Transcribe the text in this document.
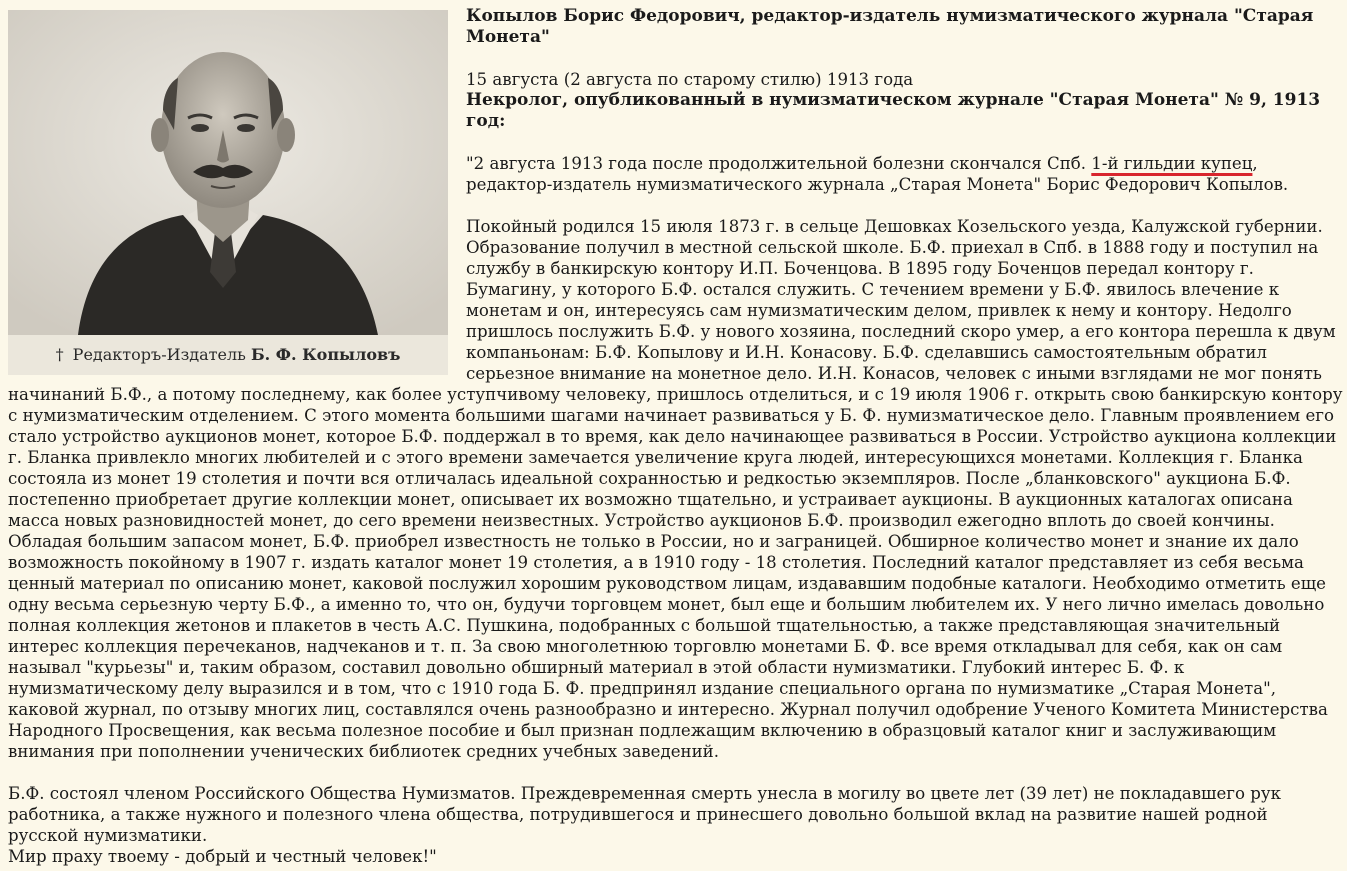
† Редакторъ-Издатель Б. Ф. Копыловъ
Копылов Борис Федорович, редактор-издатель нумизматического журнала "Старая Монета"

15 августа (2 августа по старому стилю) 1913 года

Некролог, опубликованный в нумизматическом журнале "Старая Монета" № 9, 1913 год:

"2 августа 1913 года после продолжительной болезни скончался Спб. 1-й гильдии купец, редактор-издатель нумизматического журнала „Старая Монета" Борис Федорович Копылов.

Покойный родился 15 июля 1873 г. в сельце Дешовках Козельского уезда, Калужской губернии. Образование получил в местной сельской школе. Б.Ф. приехал в Спб. в 1888 году и поступил на службу в банкирскую контору И.П. Боченцова. В 1895 году Боченцов передал контору г. Бумагину, у которого Б.Ф. остался служить. С течением времени у Б.Ф. явилось влечение к монетам и он, интересуясь сам нумизматическим делом, привлек к нему и контору. Недолго пришлось послужить Б.Ф. у нового хозяина, последний скоро умер, а его контора перешла к двум компаньонам: Б.Ф. Копылову и И.Н. Конасову. Б.Ф. сделавшись самостоятельным обратил серьезное внимание на монетное дело. И.Н. Конасов, человек с иными взглядами не мог понять начинаний Б.Ф., а потому последнему, как более уступчивому человеку, пришлось отделиться, и с 19 июля 1906 г. открыть свою банкирскую контору с нумизматическим отделением. С этого момента большими шагами начинает развиваться у Б. Ф. нумизматическое дело. Главным проявлением его стало устройство аукционов монет, которое Б.Ф. поддержал в то время, как дело начинающее развиваться в России. Устройство аукциона коллекции г. Бланка привлекло многих любителей и с этого времени замечается увеличение круга людей, интересующихся монетами. Коллекция г. Бланка состояла из монет 19 столетия и почти вся отличалась идеальной сохранностью и редкостью экземпляров. После „бланковского" аукциона Б.Ф. постепенно приобретает другие коллекции монет, описывает их возможно тщательно, и устраивает аукционы. В аукционных каталогах описана масса новых разновидностей монет, до сего времени неизвестных. Устройство аукционов Б.Ф. производил ежегодно вплоть до своей кончины. Обладая большим запасом монет, Б.Ф. приобрел известность не только в России, но и заграницей. Обширное количество монет и знание их дало возможность покойному в 1907 г. издать каталог монет 19 столетия, а в 1910 году - 18 столетия. Последний каталог представляет из себя весьма ценный материал по описанию монет, каковой послужил хорошим руководством лицам, издававшим подобные каталоги. Необходимо отметить еще одну весьма серьезную черту Б.Ф., а именно то, что он, будучи торговцем монет, был еще и большим любителем их. У него лично имелась довольно полная коллекция жетонов и плакетов в честь А.С. Пушкина, подобранных с большой тщательностью, а также представляющая значительный интерес коллекция перечеканов, надчеканов и т. п. За свою многолетнюю торговлю монетами Б. Ф. все время откладывал для себя, как он сам называл "курьезы" и, таким образом, составил довольно обширный материал в этой области нумизматики. Глубокий интерес Б. Ф. к нумизматическому делу выразился и в том, что с 1910 года Б. Ф. предпринял издание специального органа по нумизматике „Старая Монета", каковой журнал, по отзыву многих лиц, составлялся очень разнообразно и интересно. Журнал получил одобрение Ученого Комитета Министерства Народного Просвещения, как весьма полезное пособие и был признан подлежащим включению в образцовый каталог книг и заслуживающим внимания при пополнении ученических библиотек средних учебных заведений.

Б.Ф. состоял членом Российского Общества Нумизматов. Преждевременная смерть унесла в могилу во цвете лет (39 лет) не покладавшего рук работника, а также нужного и полезного члена общества, потрудившегося и принесшего довольно большой вклад на развитие нашей родной русской нумизматики.

Мир праху твоему - добрый и честный человек!"
